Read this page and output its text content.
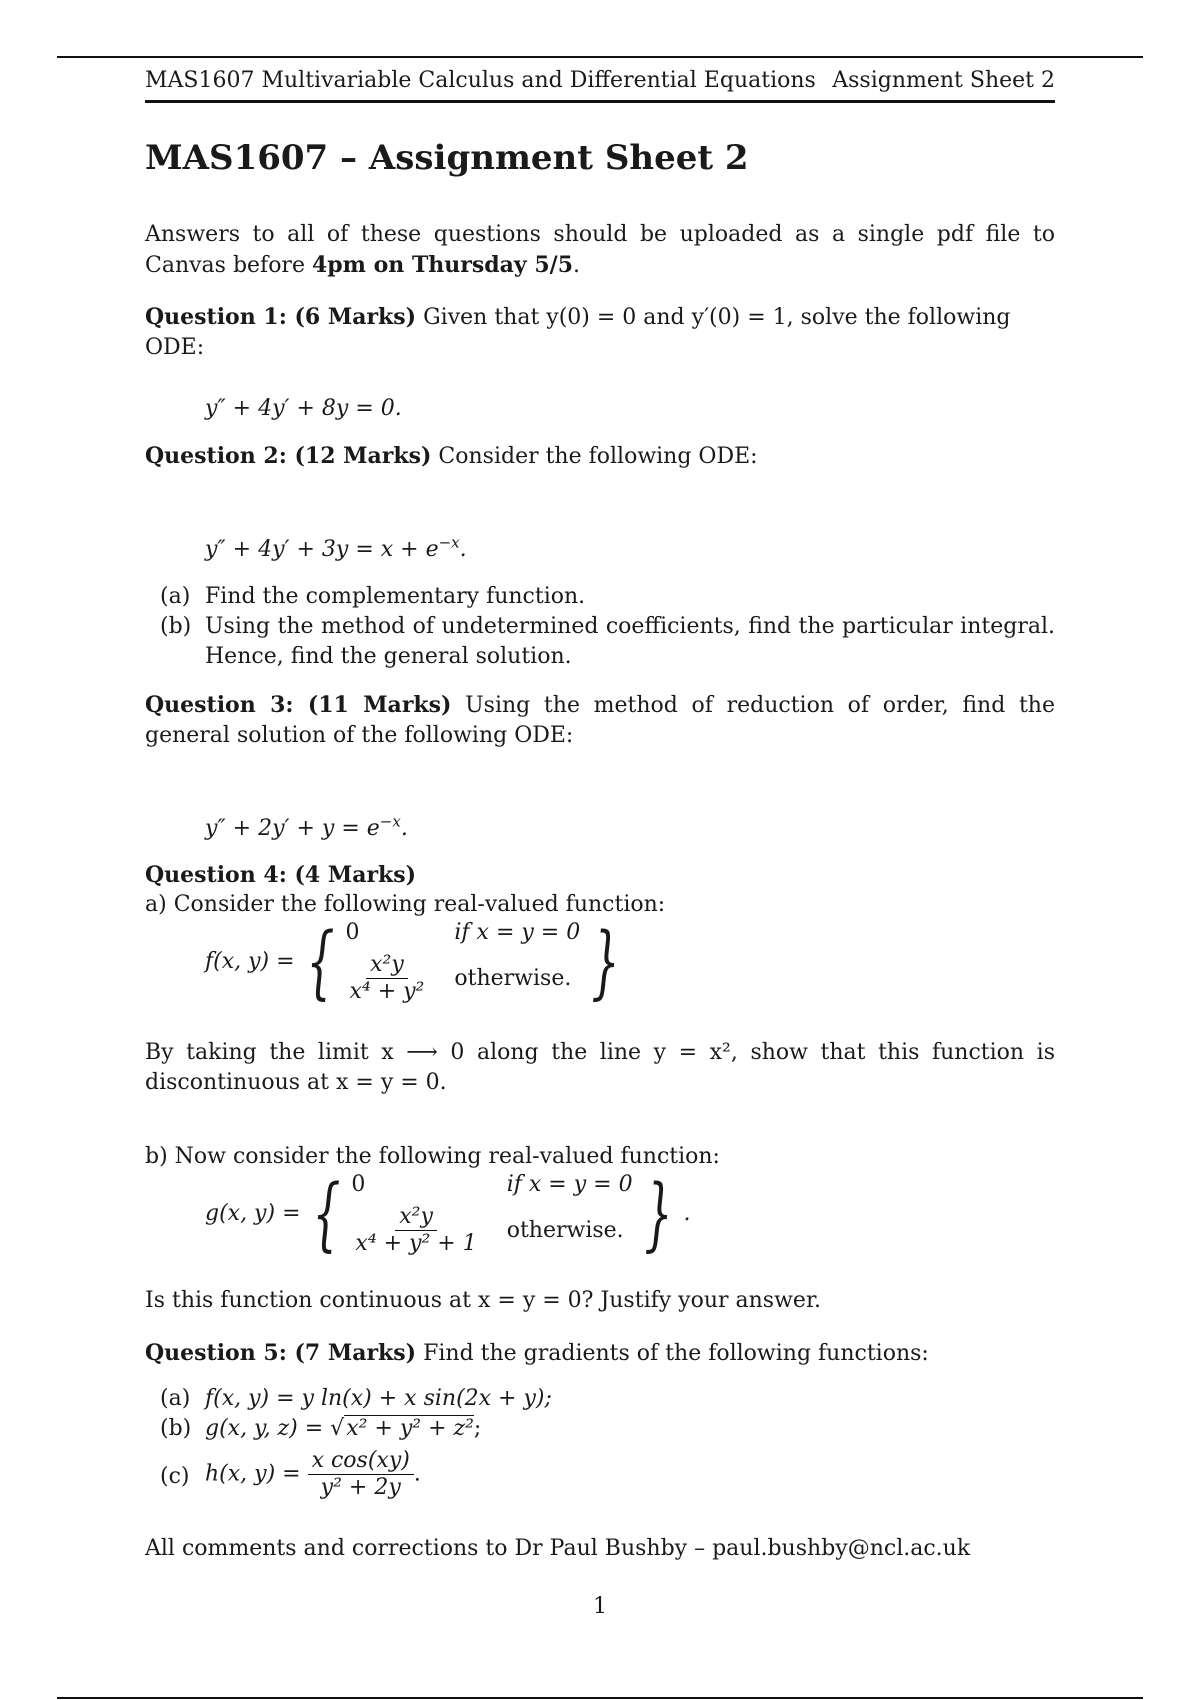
MAS1607 Multivariable Calculus and Differential Equations Assignment Sheet 2
MAS1607 – Assignment Sheet 2
Answers to all of these questions should be uploaded as a single pdf file to Canvas before 4pm on Thursday 5/5.
Question 1: (6 Marks) Given that y(0) = 0 and y′(0) = 1, solve the following ODE:
y″ + 4y′ + 8y = 0.
Question 2: (12 Marks) Consider the following ODE:
$y'' + 4y' + 3y = x + e^{-x}$.
(a) Find the complementary function.
(b) Using the method of undetermined coefficients, find the particular integral. Hence, find the general solution.
Question 3: (11 Marks) Using the method of reduction of order, find the general solution of the following ODE:
$y'' + 2y' + y = e^{-x}$.
Question 4: (4 Marks)
a) Consider the following real-valued function:
f(x, y) = { 0	if x = y = 0
$\frac{\text{x²y}}{\text{x⁴ + y²}}$ otherwise. }
By taking the limit x ⟶ 0 along the line y = x², show that this function is discontinuous at x = y = 0.
b) Now consider the following real-valued function:
g(x, y) = { 0	if x = y = 0
$\frac{\text{x²y}}{\text{x⁴ + y² + 1}}$ otherwise. } .
Is this function continuous at x = y = 0? Justify your answer.
Question 5: (7 Marks) Find the gradients of the following functions:
(a) f(x, y) = y ln(x) + x sin(2x + y);
(b) g(x, y, z) = √x² + y² + z²;
(c) h(x, $y) = \frac{\text{x cos(xy)}}{\text{y² + 2y}}$ .
All comments and corrections to Dr Paul Bushby – paul.bushby@ncl.ac.uk
1
